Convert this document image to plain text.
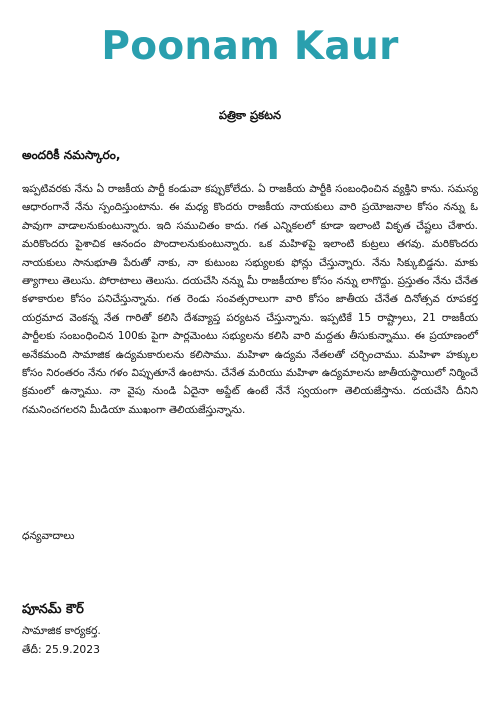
Poonam Kaur
పత్రికా ప్రకటన
అందరికీ నమస్కారం,
ఇప్పటివరకు నేను ఏ రాజకీయ పార్టీ కండువా కప్పుకోలేదు. ఏ రాజకీయ పార్టీకి సంబంధించిన వ్యక్తిని కాను. సమస్య ఆధారంగానే నేను స్పందిస్తుంటాను. ఈ మధ్య కొందరు రాజకీయ నాయకులు వారి ప్రయోజనాల కోసం నన్ను ఓ పావుగా వాడాలనుకుంటున్నారు. ఇది సముచితం కాదు. గత ఎన్నికలలో కూడా ఇలాంటి వికృత చేష్టలు చేశారు. మరికొందరు పైశాచిక ఆనందం పొందాలనుకుంటున్నారు. ఒక మహిళపై ఇలాంటి కుట్రలు తగవు. మరికొందరు నాయకులు సానుభూతి పేరుతో నాకు, నా కుటుంబ సభ్యులకు ఫోన్లు చేస్తున్నారు. నేను సిక్కుబిడ్డను. మాకు త్యాగాలు తెలుసు. పోరాటాలు తెలుసు. దయచేసి నన్ను మీ రాజకీయాల కోసం నన్ను లాగొద్దు. ప్రస్తుతం నేను చేనేత కళాకారుల కోసం పనిచేస్తున్నాను. గత రెండు సంవత్సరాలుగా వారి కోసం జాతీయ చేనేత దినోత్సవ రూపకర్త యర్రమాద వెంకన్న నేత గారితో కలిసి దేశవ్యాప్త పర్యటన చేస్తున్నాను. ఇప్పటికే 15 రాష్ట్రాలు, 21 రాజకీయ పార్టీలకు సంబంధించిన 100కు పైగా పార్లమెంటు సభ్యులను కలిసి వారి మద్దతు తీసుకున్నాము. ఈ ప్రయాణంలో అనేకమంది సామాజిక ఉద్యమకారులను కలిసాము. మహిళా ఉద్యమ నేతలతో చర్చించాము. మహిళా హక్కుల కోసం నిరంతరం నేను గళం విప్పుతూనే ఉంటాను. చేనేత మరియు మహిళా ఉద్యమాలను జాతీయస్థాయిలో నిర్మించే క్రమంలో ఉన్నాము. నా వైపు నుండి ఏదైనా అప్డేట్ ఉంటే నేనే స్వయంగా తెలియజేస్తాను. దయచేసి దీనిని గమనించగలరని మీడియా ముఖంగా తెలియజేస్తున్నాను.
ధన్యవాదాలు
పూనమ్ కౌర్
సామాజిక కార్యకర్త.
తేదీ: 25.9.2023
